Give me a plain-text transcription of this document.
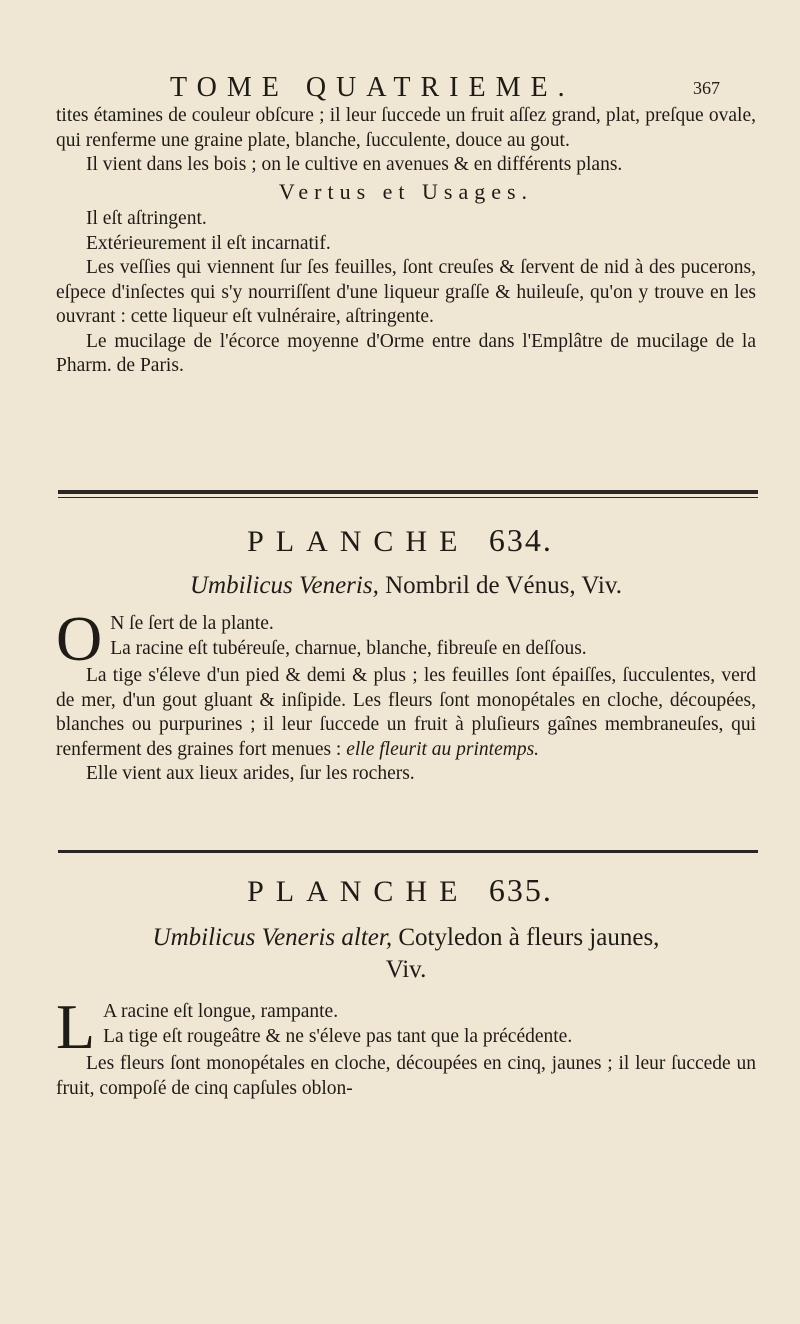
TOME QUATRIEME.	367

tites étamines de couleur obſcure ; il leur ſuccede un fruit aſſez grand, plat, preſque ovale, qui renferme une graine plate, blanche, ſucculente, douce au gout.

Il vient dans les bois ; on le cultive en avenues & en différents plans.

Vertus et Usages.

Il eſt aſtringent.

Extérieurement il eſt incarnatif.

Les veſſies qui viennent ſur ſes feuilles, ſont creuſes & ſervent de nid à des pucerons, eſpece d'inſectes qui s'y nourriſſent d'une liqueur graſſe & huileuſe, qu'on y trouve en les ouvrant : cette liqueur eſt vulnéraire, aſtringente.

Le mucilage de l'écorce moyenne d'Orme entre dans l'Emplâtre de mucilage de la Pharm. de Paris.

PLANCHE 634.
Umbilicus Veneris, Nombril de Vénus, Viv.

O N ſe ſert de la plante.
La racine eſt tubéreuſe, charnue, blanche, fibreuſe en deſſous.

La tige s'éleve d'un pied & demi & plus ; les feuilles ſont épaiſſes, ſucculentes, verd de mer, d'un gout gluant & inſipide. Les fleurs ſont monopétales en cloche, découpées, blanches ou purpurines ; il leur ſuccede un fruit à pluſieurs gaînes membraneuſes, qui renferment des graines fort menues : elle fleurit au printemps.

Elle vient aux lieux arides, ſur les rochers.

PLANCHE 635.
Umbilicus Veneris alter, Cotyledon à fleurs jaunes,
Viv.

L A racine eſt longue, rampante.
La tige eſt rougeâtre & ne s'éleve pas tant que la précédente.

Les fleurs ſont monopétales en cloche, découpées en cinq, jaunes ; il leur ſuccede un fruit, compoſé de cinq capſules oblon-
